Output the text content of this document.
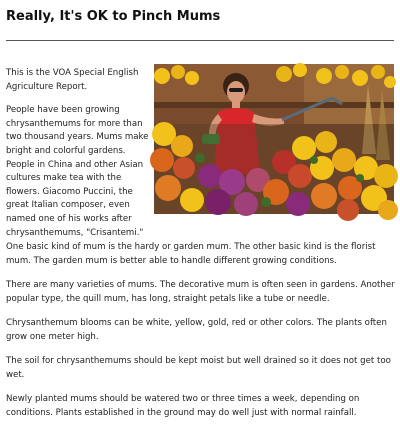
Really, It's OK to Pinch Mums

This is the VOA Special English Agriculture Report.

People have been growing chrysanthemums for more than two thousand years. Mums make bright and colorful gardens. People in China and other Asian cultures make tea with the flowers. Giacomo Puccini, the great Italian composer, even named one of his works after chrysanthemums, "Crisantemi."

One basic kind of mum is the hardy or garden mum. The other basic kind is the florist mum. The garden mum is better able to handle different growing conditions.

There are many varieties of mums. The decorative mum is often seen in gardens. Another popular type, the quill mum, has long, straight petals like a tube or needle.

Chrysanthemum blooms can be white, yellow, gold, red or other colors. The plants often grow one meter high.

The soil for chrysanthemums should be kept moist but well drained so it does not get too wet.

Newly planted mums should be watered two or three times a week, depending on conditions. Plants established in the ground may do well just with normal rainfall.
